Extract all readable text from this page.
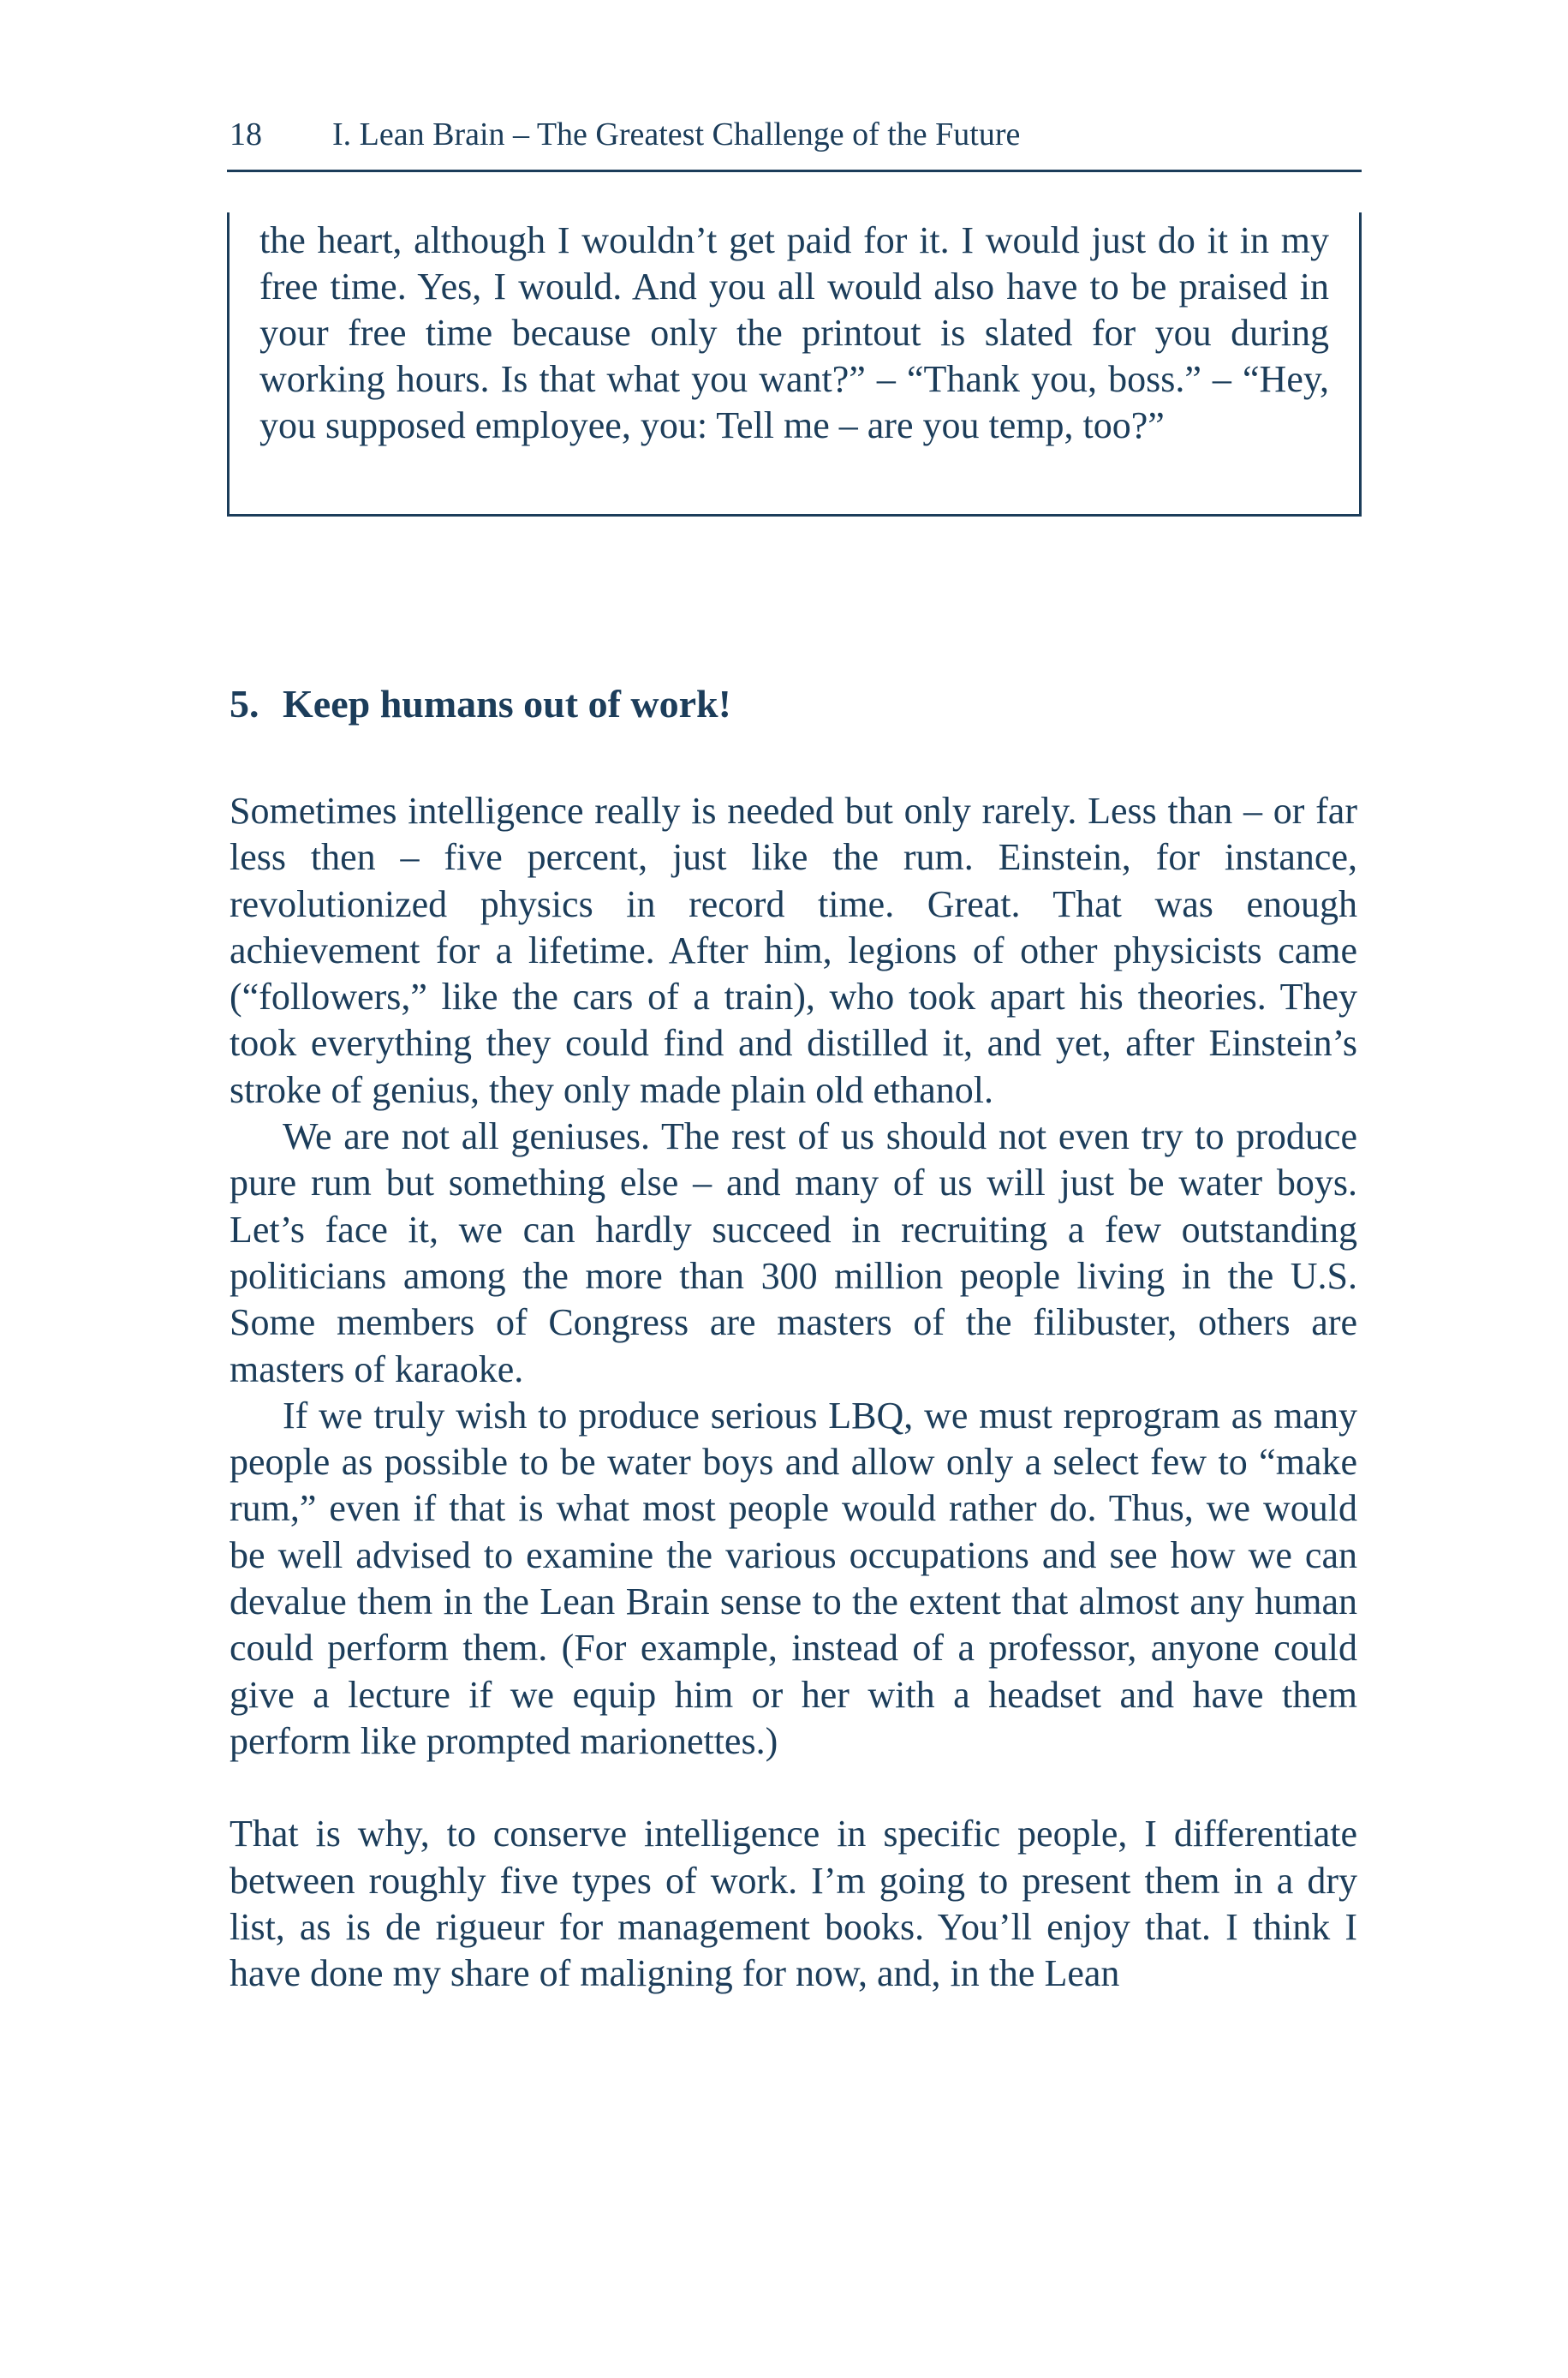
18 I. Lean Brain – The Greatest Challenge of the Future

the heart, although I wouldn’t get paid for it. I would just do it in my free time. Yes, I would. And you all would also have to be praised in your free time because only the printout is slated for you during working hours. Is that what you want?” – “Thank you, boss.” – “Hey, you supposed employee, you: Tell me – are you temp, too?”

5. Keep humans out of work!

Sometimes intelligence really is needed but only rarely. Less than – or far less then – five percent, just like the rum. Einstein, for instance, revolutionized physics in record time. Great. That was enough achievement for a lifetime. After him, legions of other physicists came (“followers,” like the cars of a train), who took apart his theories. They took everything they could find and distilled it, and yet, after Einstein’s stroke of genius, they only made plain old ethanol.

We are not all geniuses. The rest of us should not even try to produce pure rum but something else – and many of us will just be water boys. Let’s face it, we can hardly succeed in recruiting a few outstanding politicians among the more than 300 million people living in the U.S. Some members of Congress are masters of the filibuster, others are masters of karaoke.

If we truly wish to produce serious LBQ, we must reprogram as many people as possible to be water boys and allow only a select few to “make rum,” even if that is what most people would rather do. Thus, we would be well advised to examine the various occupations and see how we can devalue them in the Lean Brain sense to the extent that almost any human could perform them. (For example, instead of a professor, anyone could give a lecture if we equip him or her with a headset and have them perform like prompted marionettes.)

That is why, to conserve intelligence in specific people, I differentiate between roughly five types of work. I’m going to present them in a dry list, as is de rigueur for management books. You’ll enjoy that. I think I have done my share of maligning for now, and, in the Lean
